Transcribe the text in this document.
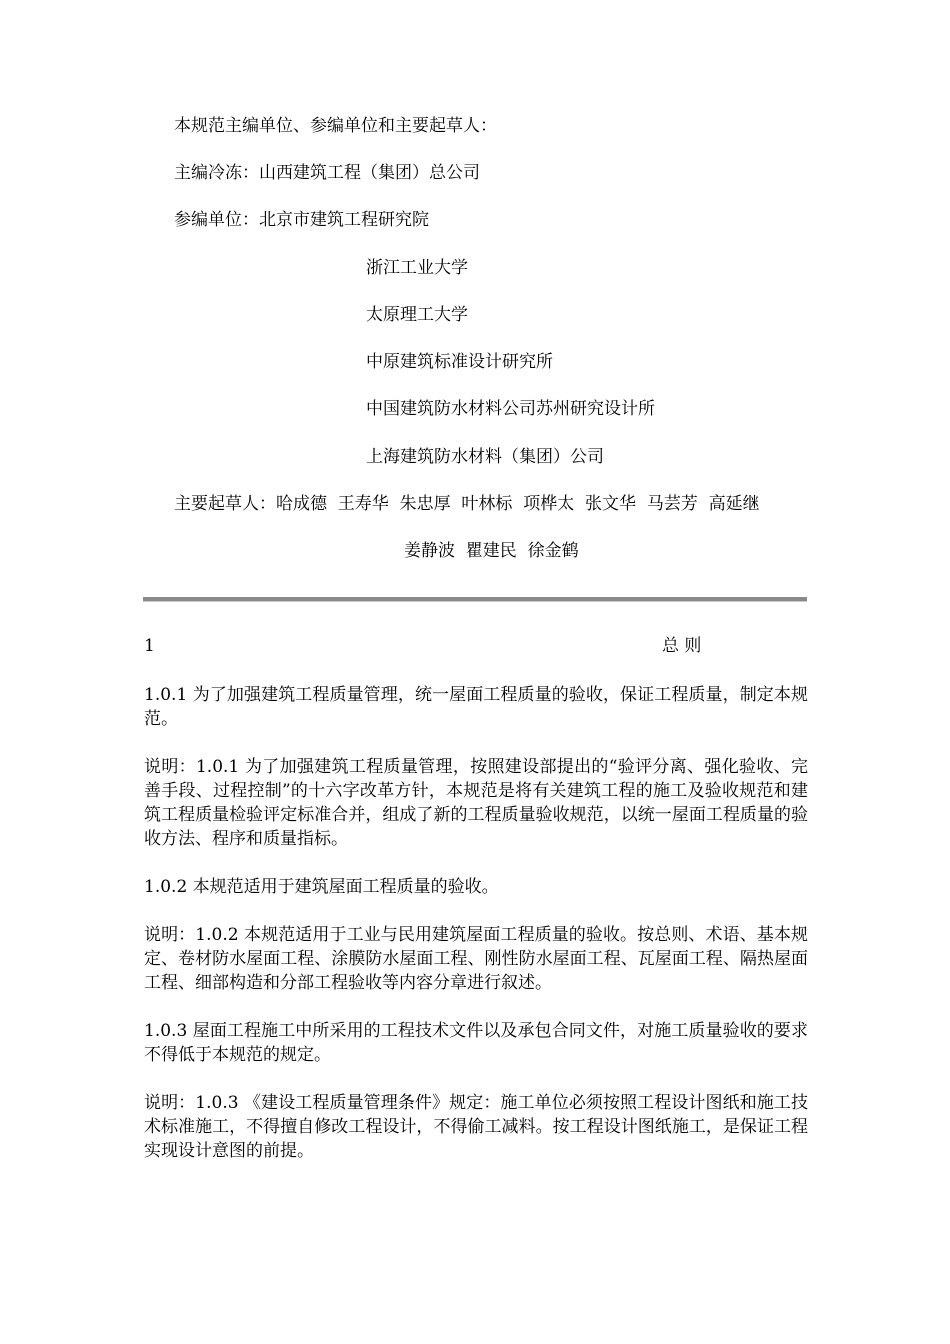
本规范主编单位、参编单位和主要起草人：
主编冷冻：山西建筑工程（集团）总公司
参编单位：北京市建筑工程研究院
浙江工业大学
太原理工大学
中原建筑标准设计研究所
中国建筑防水材料公司苏州研究设计所
上海建筑防水材料（集团）公司
主要起草人：哈成德  王寿华  朱忠厚  叶林标  项桦太  张文华  马芸芳  高延继
姜静波  瞿建民  徐金鹤
1	总 则
1.0.1 为了加强建筑工程质量管理，统一屋面工程质量的验收，保证工程质量，制定本规范。
说明：1.0.1 为了加强建筑工程质量管理，按照建设部提出的“验评分离、强化验收、完善手段、过程控制”的十六字改革方针，本规范是将有关建筑工程的施工及验收规范和建筑工程质量检验评定标准合并，组成了新的工程质量验收规范，以统一屋面工程质量的验收方法、程序和质量指标。
1.0.2 本规范适用于建筑屋面工程质量的验收。
说明：1.0.2 本规范适用于工业与民用建筑屋面工程质量的验收。按总则、术语、基本规定、卷材防水屋面工程、涂膜防水屋面工程、刚性防水屋面工程、瓦屋面工程、隔热屋面工程、细部构造和分部工程验收等内容分章进行叙述。
1.0.3 屋面工程施工中所采用的工程技术文件以及承包合同文件，对施工质量验收的要求不得低于本规范的规定。
说明：1.0.3 《建设工程质量管理条件》规定：施工单位必须按照工程设计图纸和施工技术标准施工，不得擅自修改工程设计，不得偷工减料。按工程设计图纸施工，是保证工程实现设计意图的前提。
